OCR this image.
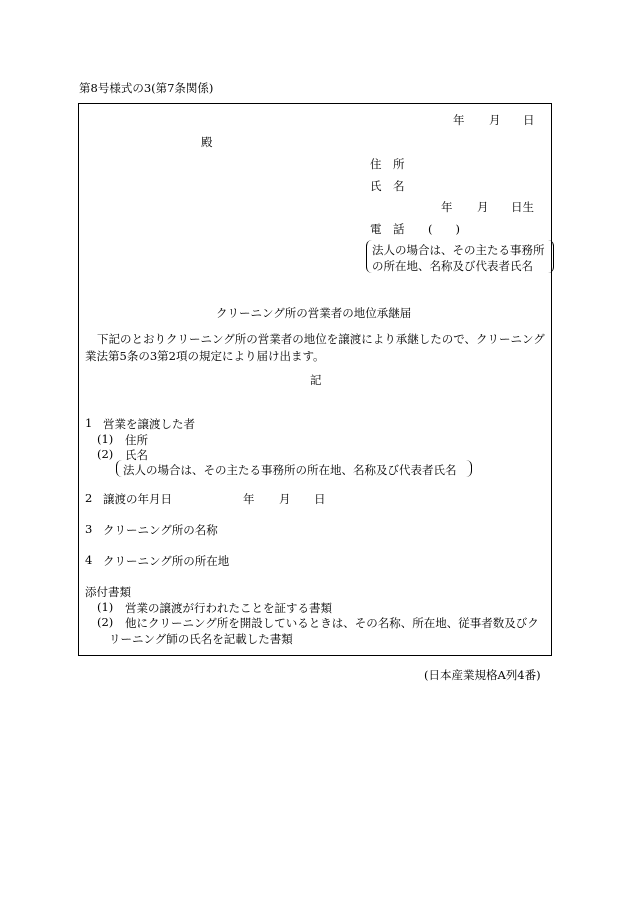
第8号様式の3(第7条関係)
年 月 日
殿
住　所
氏　名
年 月 日生
電　話 (　　)
法人の場合は、その主たる事務所
の所在地、名称及び代表者氏名
クリーニング所の営業者の地位承継届
下記のとおりクリーニング所の営業者の地位を譲渡により承継したので、クリーニング業法第5条の3第2項の規定により届け出ます。
記
1 営業を譲渡した者
(1) 住所
(2) 氏名
法人の場合は、その主たる事務所の所在地、名称及び代表者氏名
2 譲渡の年月日	年 月 日
3 クリーニング所の名称
4 クリーニング所の所在地
添付書類
(1) 営業の譲渡が行われたことを証する書類
(2) 他にクリーニング所を開設しているときは、その名称、所在地、従事者数及びク
リーニング師の氏名を記載した書類
(日本産業規格A列4番)
